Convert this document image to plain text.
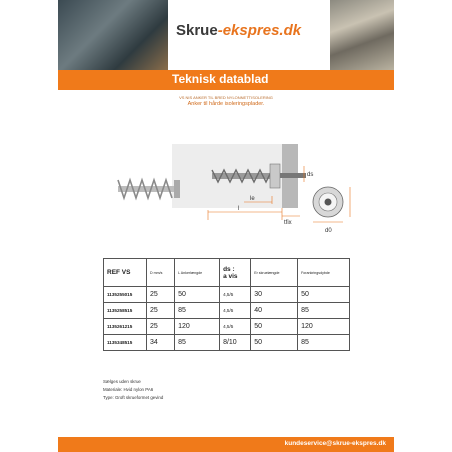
Skrue-ekspres.dk
Teknisk datablad
VS NIS ANKER TIL BRED NYLONNETTISOLERING
Anker til hårde isoleringsplader.
le
l
tfix
ds
d0
REF VS	D mm/s	L Ankerlængde	ds :
a vis	Er skruelængde	Forankringsdybde
1135255015	25	50	4,5/5	30	50
1135258515	25	85	4,5/5	40	85
1135261215	25	120	4,5/5	50	120
1135348515	34	85	8/10	50	85
Sælges uden skrue
Materiale: Hvid nylon PA6
Type: Groft skrueformet gevind
kundeservice@skrue-ekspres.dk
